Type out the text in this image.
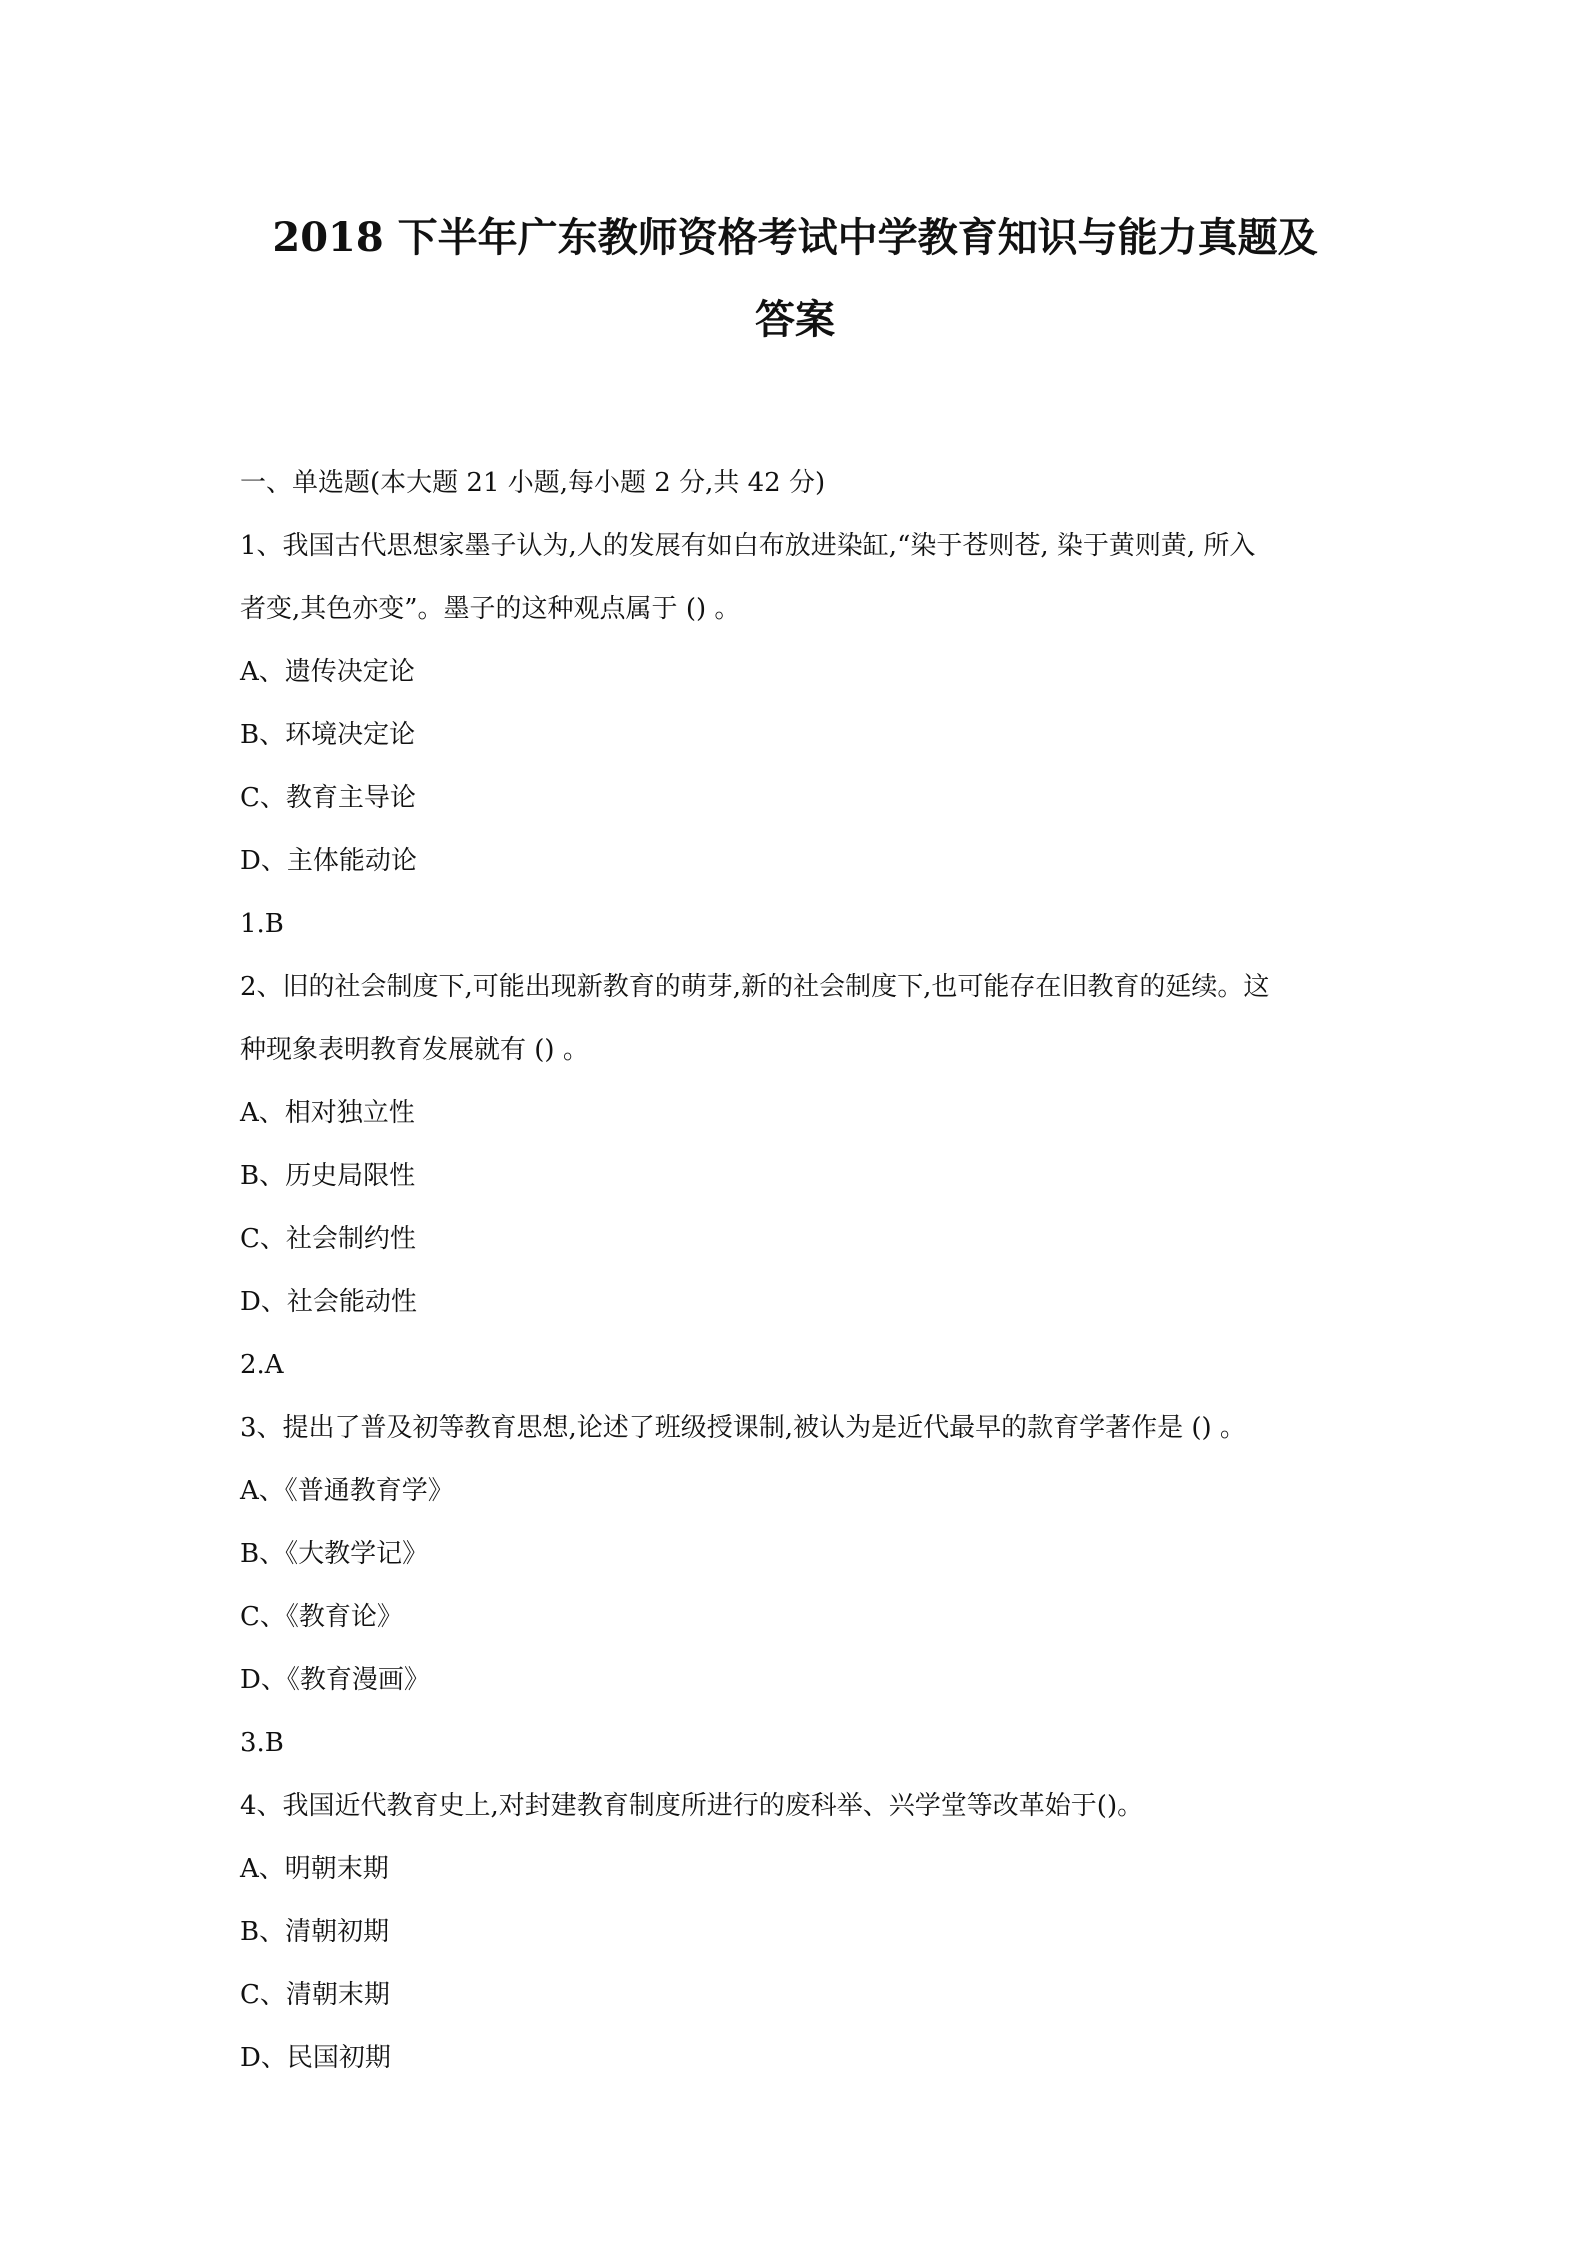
2018 下半年广东教师资格考试中学教育知识与能力真题及
答案
一、单选题(本大题 21 小题,每小题 2 分,共 42 分)
1、我国古代思想家墨子认为,人的发展有如白布放进染缸,“染于苍则苍, 染于黄则黄, 所入
者变,其色亦变”。墨子的这种观点属于 () 。
A、遗传决定论
B、环境决定论
C、教育主导论
D、主体能动论
1.B
2、旧的社会制度下,可能出现新教育的萌芽,新的社会制度下,也可能存在旧教育的延续。这
种现象表明教育发展就有 () 。
A、相对独立性
B、历史局限性
C、社会制约性
D、社会能动性
2.A
3、提出了普及初等教育思想,论述了班级授课制,被认为是近代最早的款育学著作是 () 。
A、《普通教育学》
B、《大教学记》
C、《教育论》
D、《教育漫画》
3.B
4、我国近代教育史上,对封建教育制度所进行的废科举、兴学堂等改革始于()。
A、明朝末期
B、清朝初期
C、清朝末期
D、民国初期
